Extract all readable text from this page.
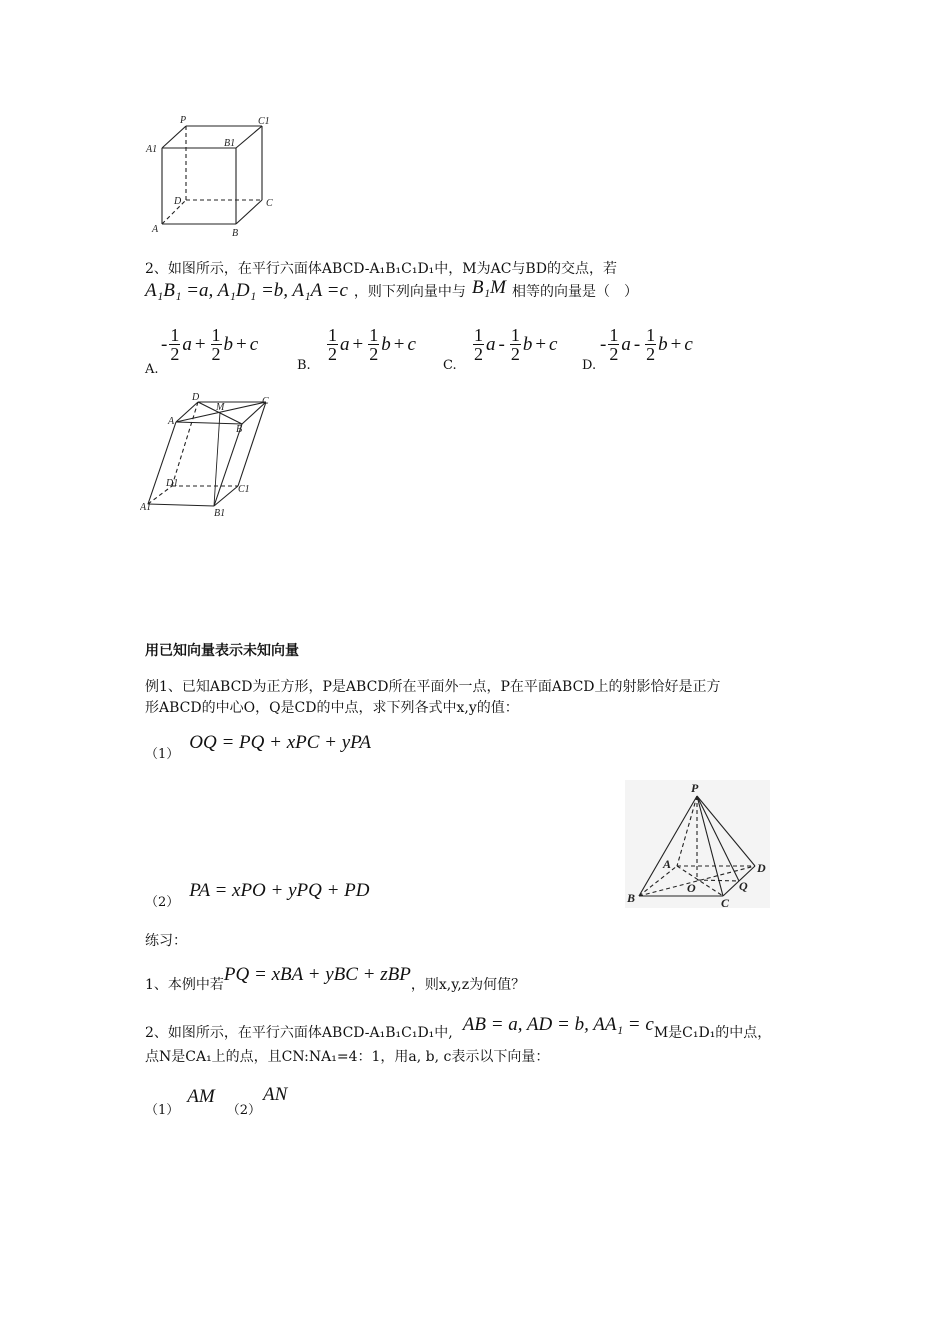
P	C1
A1
B1
D	C
A	B
2、如图所示，在平行六面体ABCD-A₁B₁C₁D₁中，M为AC与BD的交点，若
A₁B₁ =a, A₁D₁ =b, A₁A =c ，则下列向量中与 B₁M 相等的向量是（　）
A.
- $\frac{1}{2}$ $a + \frac{1}{2}$ b + c
B.
$\frac{1}{2}$ $a + \frac{1}{2}$ b + c
C.
$\frac{1}{2}$ a - $\frac{1}{2}$ b + c
D.
- $\frac{1}{2}$ a - $\frac{1}{2}$ b + c
D
M
C
A
B
D1
C1
A1
B1
用已知向量表示未知向量
例1、已知ABCD为正方形，P是ABCD所在平面外一点，P在平面ABCD上的射影恰好是正方
形ABCD的中心O，Q是CD的中点，求下列各式中x,y的值：
（1）
OQ = PQ + xPC + yPA
（2）
PA = xPO + yPQ + PD
P
A	D
O	Q
B	C
练习：
1、本例中若 PQ = xBA + yBC + zBP ，则x,y,z为何值？
2、如图所示，在平行六面体ABCD-A₁B₁C₁D₁中, AB = a, AD = b, AA₁ = c M是C₁D₁的中点，
点N是CA₁上的点，且CN:NA₁=4：1，用a, b, c表示以下向量：
（1）
AM
（2）
AN
